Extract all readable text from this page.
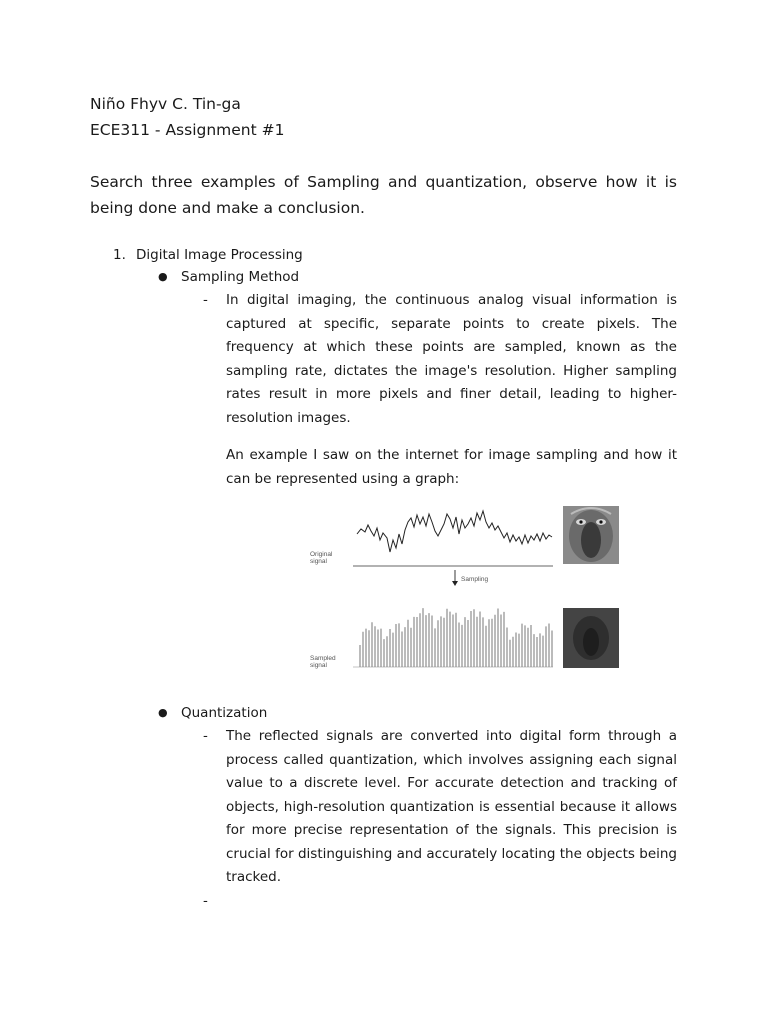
Niño Fhyv C. Tin-ga
ECE311 - Assignment #1
Search three examples of Sampling and quantization, observe how it is being done and make a conclusion.
1. Digital Image Processing
● Sampling Method
- In digital imaging, the continuous analog visual information is captured at specific, separate points to create pixels. The frequency at which these points are sampled, known as the sampling rate, dictates the image's resolution. Higher sampling rates result in more pixels and finer detail, leading to higher-resolution images.
An example I saw on the internet for image sampling and how it can be represented using a graph:
Original
signal
Sampling
Sampled
signal
● Quantization
- The reflected signals are converted into digital form through a process called quantization, which involves assigning each signal value to a discrete level. For accurate detection and tracking of objects, high-resolution quantization is essential because it allows for more precise representation of the signals. This precision is crucial for distinguishing and accurately locating the objects being tracked.
-
